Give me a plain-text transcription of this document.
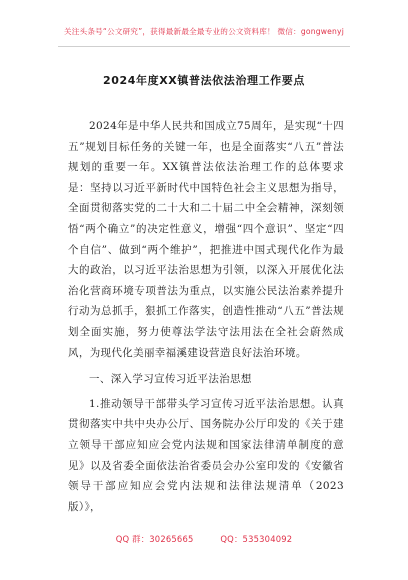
关注头条号“公文研究”，获得最新最全最专业的公文资料库！ 微信：gongwenyj
2024年度XX镇普法依法治理工作要点

2024年是中华人民共和国成立75周年，是实现“十四五”规划目标任务的关键一年，也是全面落实“八五”普法规划的重要一年。XX镇普法依法治理工作的总体要求是：坚持以习近平新时代中国特色社会主义思想为指导，全面贯彻落实党的二十大和二十届二中全会精神，深刻领悟“两个确立”的决定性意义，增强“四个意识”、坚定“四个自信”、做到“两个维护”，把推进中国式现代化作为最大的政治，以习近平法治思想为引领，以深入开展优化法治化营商环境专项普法为重点，以实施公民法治素养提升行动为总抓手，狠抓工作落实，创造性推动“八五”普法规划全面实施，努力使尊法学法守法用法在全社会蔚然成风，为现代化美丽幸福溪建设营造良好法治环境。

一、深入学习宣传习近平法治思想

1.推动领导干部带头学习宣传习近平法治思想。认真贯彻落实中共中央办公厅、国务院办公厅印发的《关于建立领导干部应知应会党内法规和国家法律清单制度的意见》以及省委全面依法治省委员会办公室印发的《安徽省领导干部应知应会党内法规和法律法规清单（2023版）》，

QQ 群：30265665	QQ：535304092
